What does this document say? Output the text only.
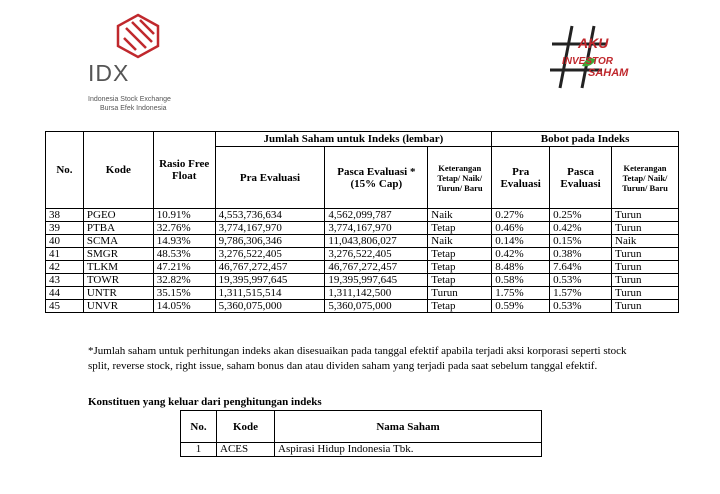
IDX
Indonesia Stock Exchange
Bursa Efek Indonesia
AKU
INVESTOR
SAHAM
No.	Kode	Rasio Free Float	Jumlah Saham untuk Indeks (lembar)			Bobot pada Indeks		
			Pra Evaluasi	Pasca Evaluasi * (15% Cap)	Keterangan Tetap/ Naik/ Turun/ Baru	Pra Evaluasi	Pasca Evaluasi	Keterangan Tetap/ Naik/ Turun/ Baru
38	PGEO	10.91%	4,553,736,634	4,562,099,787	Naik	0.27%	0.25%	Turun
39	PTBA	32.76%	3,774,167,970	3,774,167,970	Tetap	0.46%	0.42%	Turun
40	SCMA	14.93%	9,786,306,346	11,043,806,027	Naik	0.14%	0.15%	Naik
41	SMGR	48.53%	3,276,522,405	3,276,522,405	Tetap	0.42%	0.38%	Turun
42	TLKM	47.21%	46,767,272,457	46,767,272,457	Tetap	8.48%	7.64%	Turun
43	TOWR	32.82%	19,395,997,645	19,395,997,645	Tetap	0.58%	0.53%	Turun
44	UNTR	35.15%	1,311,515,514	1,311,142,500	Turun	1.75%	1.57%	Turun
45	UNVR	14.05%	5,360,075,000	5,360,075,000	Tetap	0.59%	0.53%	Turun
*Jumlah saham untuk perhitungan indeks akan disesuaikan pada tanggal efektif apabila terjadi aksi korporasi seperti stock split, reverse stock, right issue, saham bonus dan atau dividen saham yang terjadi pada saat sebelum tanggal efektif.
Konstituen yang keluar dari penghitungan indeks
No.	Kode	Nama Saham
1	ACES	Aspirasi Hidup Indonesia Tbk.
